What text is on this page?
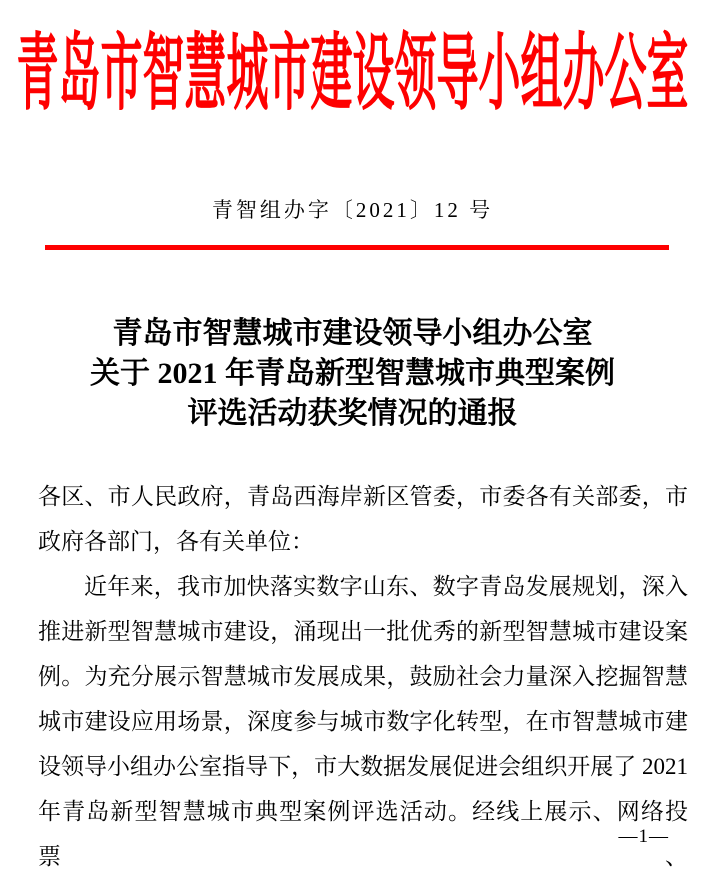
青岛市智慧城市建设领导小组办公室
青智组办字〔2021〕12 号
青岛市智慧城市建设领导小组办公室
关于 2021 年青岛新型智慧城市典型案例
评选活动获奖情况的通报
各区、市人民政府，青岛西海岸新区管委，市委各有关部委，市
政府各部门，各有关单位：
近年来，我市加快落实数字山东、数字青岛发展规划，深入
推进新型智慧城市建设，涌现出一批优秀的新型智慧城市建设案
例。为充分展示智慧城市发展成果，鼓励社会力量深入挖掘智慧
城市建设应用场景，深度参与城市数字化转型，在市智慧城市建
设领导小组办公室指导下，市大数据发展促进会组织开展了 2021
年青岛新型智慧城市典型案例评选活动。经线上展示、网络投票、
—1—
